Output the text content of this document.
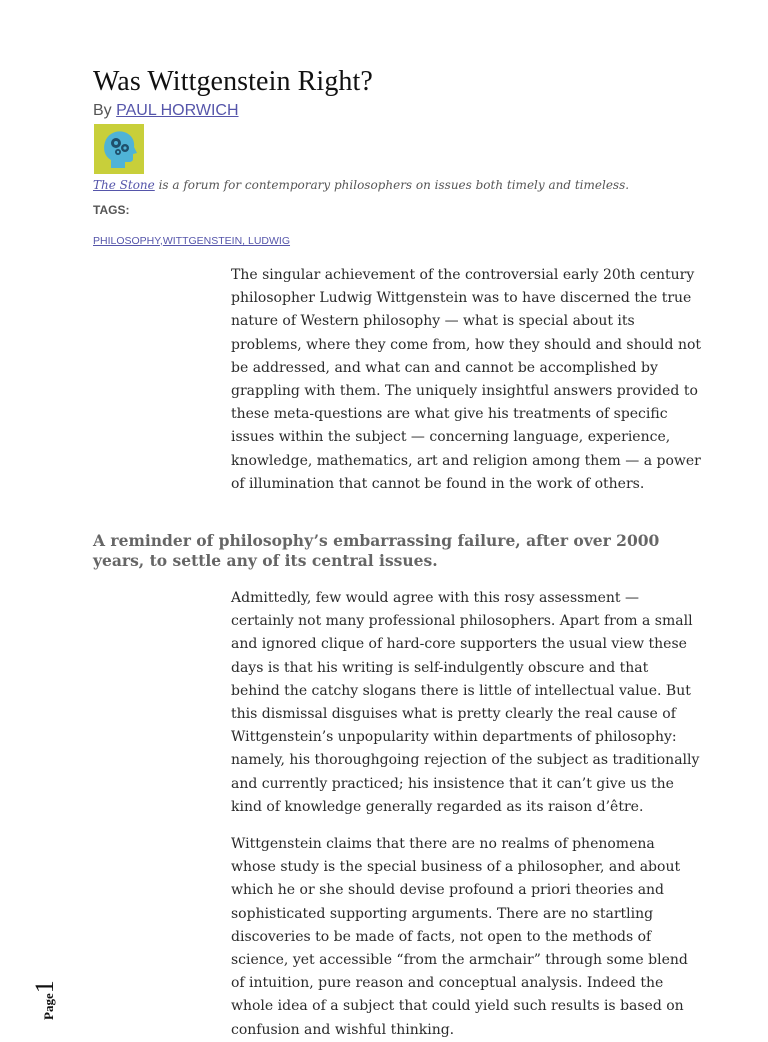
Was Wittgenstein Right?
By PAUL HORWICH
The Stone is a forum for contemporary philosophers on issues both timely and timeless.
TAGS:
PHILOSOPHY,WITTGENSTEIN, LUDWIG

The singular achievement of the controversial early 20th century philosopher Ludwig Wittgenstein was to have discerned the true nature of Western philosophy — what is special about its problems, where they come from, how they should and should not be addressed, and what can and cannot be accomplished by grappling with them. The uniquely insightful answers provided to these meta-questions are what give his treatments of specific issues within the subject — concerning language, experience, knowledge, mathematics, art and religion among them — a power of illumination that cannot be found in the work of others.

A reminder of philosophy’s embarrassing failure, after over 2000 years, to settle any of its central issues.

Admittedly, few would agree with this rosy assessment — certainly not many professional philosophers. Apart from a small and ignored clique of hard-core supporters the usual view these days is that his writing is self-indulgently obscure and that behind the catchy slogans there is little of intellectual value. But this dismissal disguises what is pretty clearly the real cause of Wittgenstein’s unpopularity within departments of philosophy: namely, his thoroughgoing rejection of the subject as traditionally and currently practiced; his insistence that it can’t give us the kind of knowledge generally regarded as its raison d’être.

Wittgenstein claims that there are no realms of phenomena whose study is the special business of a philosopher, and about which he or she should devise profound a priori theories and sophisticated supporting arguments. There are no startling discoveries to be made of facts, not open to the methods of science, yet accessible “from the armchair” through some blend of intuition, pure reason and conceptual analysis. Indeed the whole idea of a subject that could yield such results is based on confusion and wishful thinking.

Page1
